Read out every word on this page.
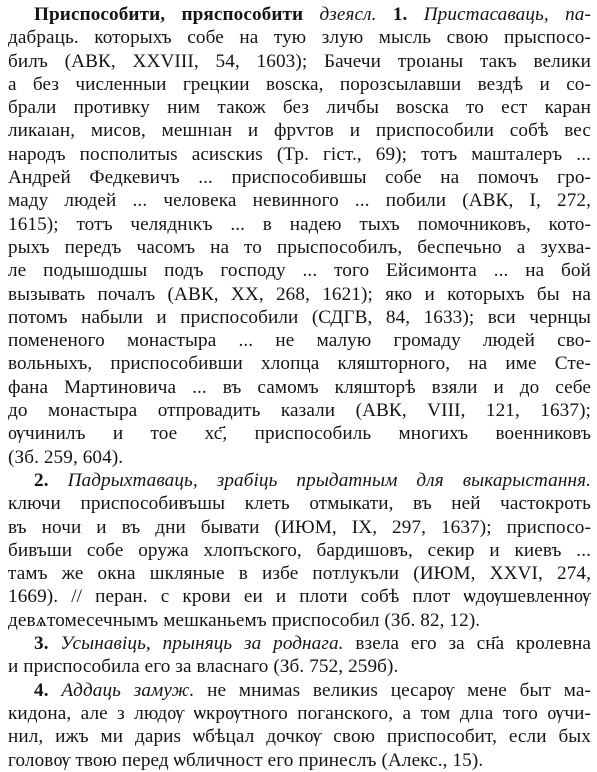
Приспособити, пряспособити дзеясл. 1. Пристасаваць, па-
дабраць. которыхъ собе на тую злую мысль свою прыспосо-
билъ (АВК, XXVIII, 54, 1603); Бачечи троıаны такъ велики
а без численныи грецкии воѕска, порозсылавши вездѣ и со-
брали противку ним також без личбы воѕска то ест каран
ликаıан, мисов, мешнıан и фрѵгов и приспособили собѣ вес
народъ посполитыѕ асиѕскиѕ (Тр. гіст., 69); тотъ машталеръ ...
Андрей Федкевичъ ... приспособившы собе на помочъ гро-
маду людей ... человека невинного ... побили (АВК, I, 272,
1615); тотъ челяднικъ ... в надею тыхъ помочниковъ, кото-
рыхъ передъ часомъ на то прыспособилъ, беспечьно а зухва-
ле подышодшы подъ господу ... того Ейсимонта ... на бой
вызывать почалъ (АВК, XX, 268, 1621); яко и которыхъ бы на
потомъ набыли и приспособили (СДГВ, 84, 1633); вси чернцы
помененого монастыра ... не малую громаду людей сво-
вольныхъ, приспособивши хлопца кляшторного, на име Сте-
фана Мартиновича ... въ самомъ кляшторѣ взяли и до себе
до монастыра отпровадить казали (АВК, VIII, 121, 1637);
ѹчинилъ и тое хс҃, приспособиль многихъ военниковъ
(Зб. 259, 604).
2. Падрыхтаваць, зрабіць прыдатным для выкарыстання.
ключи приспособивъшы клеть отмыкати, въ ней частокроть
въ ночи и въ дни бывати (ИЮМ, IX, 297, 1637); приспосо-
бивъши собе оружа хлопъского, бардишовъ, секир и киевъ ...
тамъ же окна шкляные в избе потлукъли (ИЮМ, XXVI, 274,
1669). // перан. с крови еи и плоти собѣ плот ѡдѹшевленнѹ
девѧтомесечнымъ мешканьемъ приспособил (Зб. 82, 12).
3. Усынавіць, прыняць за роднага. взела его за сн҃а кролевна
и приспособила его за власнаго (Зб. 752, 259б).
4. Аддаць замуж. не мнимаѕ великиѕ цесарѹ мене быт ма-
кидона, але з людѹ ѡкрѹтного поганского, а том длıа того ѹчи-
нил, ижъ ми дариѕ ѡбѣцал дочкѹ свою приспособит, если бых
головѹ твою перед ѡбличност его принеслъ (Алекс., 15).
